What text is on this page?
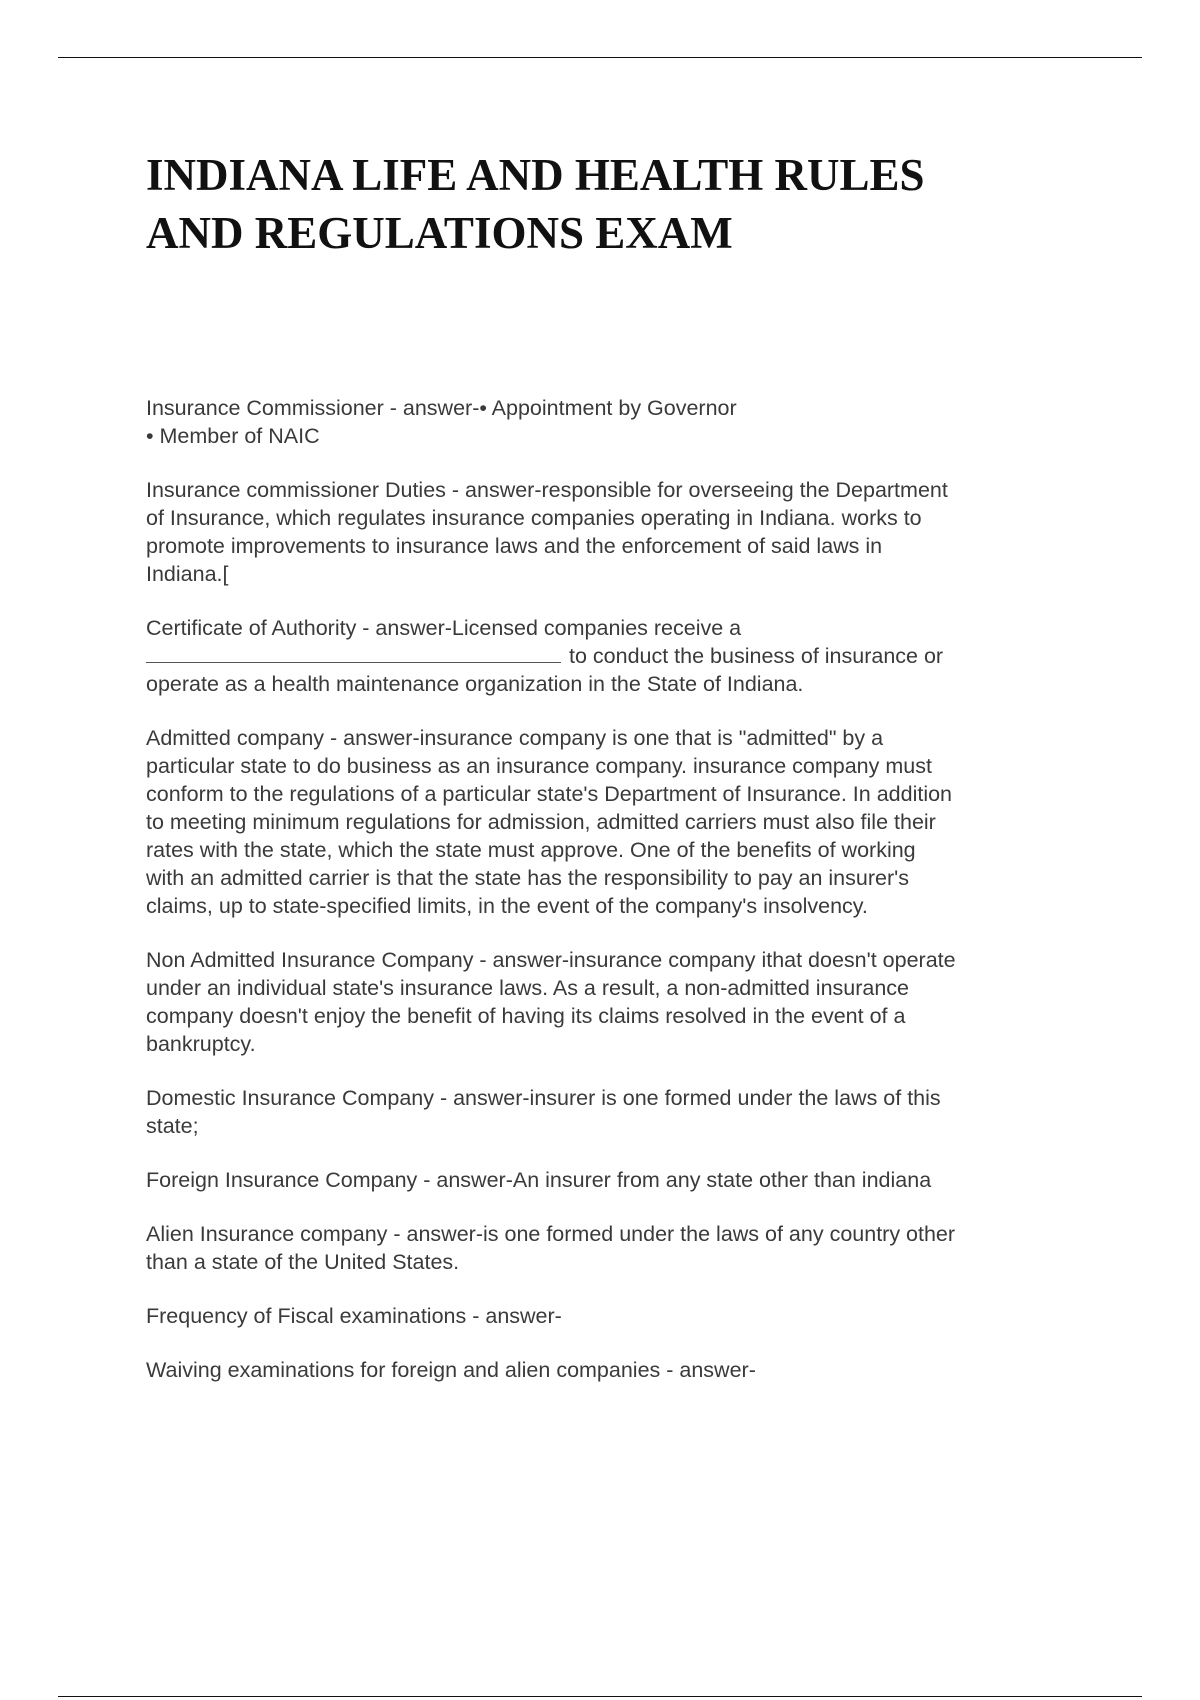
INDIANA LIFE AND HEALTH RULES
AND REGULATIONS EXAM

Insurance Commissioner - answer-• Appointment by Governor
• Member of NAIC

Insurance commissioner Duties - answer-responsible for overseeing the Department
of Insurance, which regulates insurance companies operating in Indiana. works to
promote improvements to insurance laws and the enforcement of said laws in
Indiana.[

Certificate of Authority - answer-Licensed companies receive a
to conduct the business of insurance or
operate as a health maintenance organization in the State of Indiana.

Admitted company - answer-insurance company is one that is "admitted" by a
particular state to do business as an insurance company. insurance company must
conform to the regulations of a particular state's Department of Insurance. In addition
to meeting minimum regulations for admission, admitted carriers must also file their
rates with the state, which the state must approve. One of the benefits of working
with an admitted carrier is that the state has the responsibility to pay an insurer's
claims, up to state-specified limits, in the event of the company's insolvency.

Non Admitted Insurance Company - answer-insurance company ithat doesn't operate
under an individual state's insurance laws. As a result, a non-admitted insurance
company doesn't enjoy the benefit of having its claims resolved in the event of a
bankruptcy.

Domestic Insurance Company - answer-insurer is one formed under the laws of this
state;

Foreign Insurance Company - answer-An insurer from any state other than indiana

Alien Insurance company - answer-is one formed under the laws of any country other
than a state of the United States.

Frequency of Fiscal examinations - answer-

Waiving examinations for foreign and alien companies - answer-
